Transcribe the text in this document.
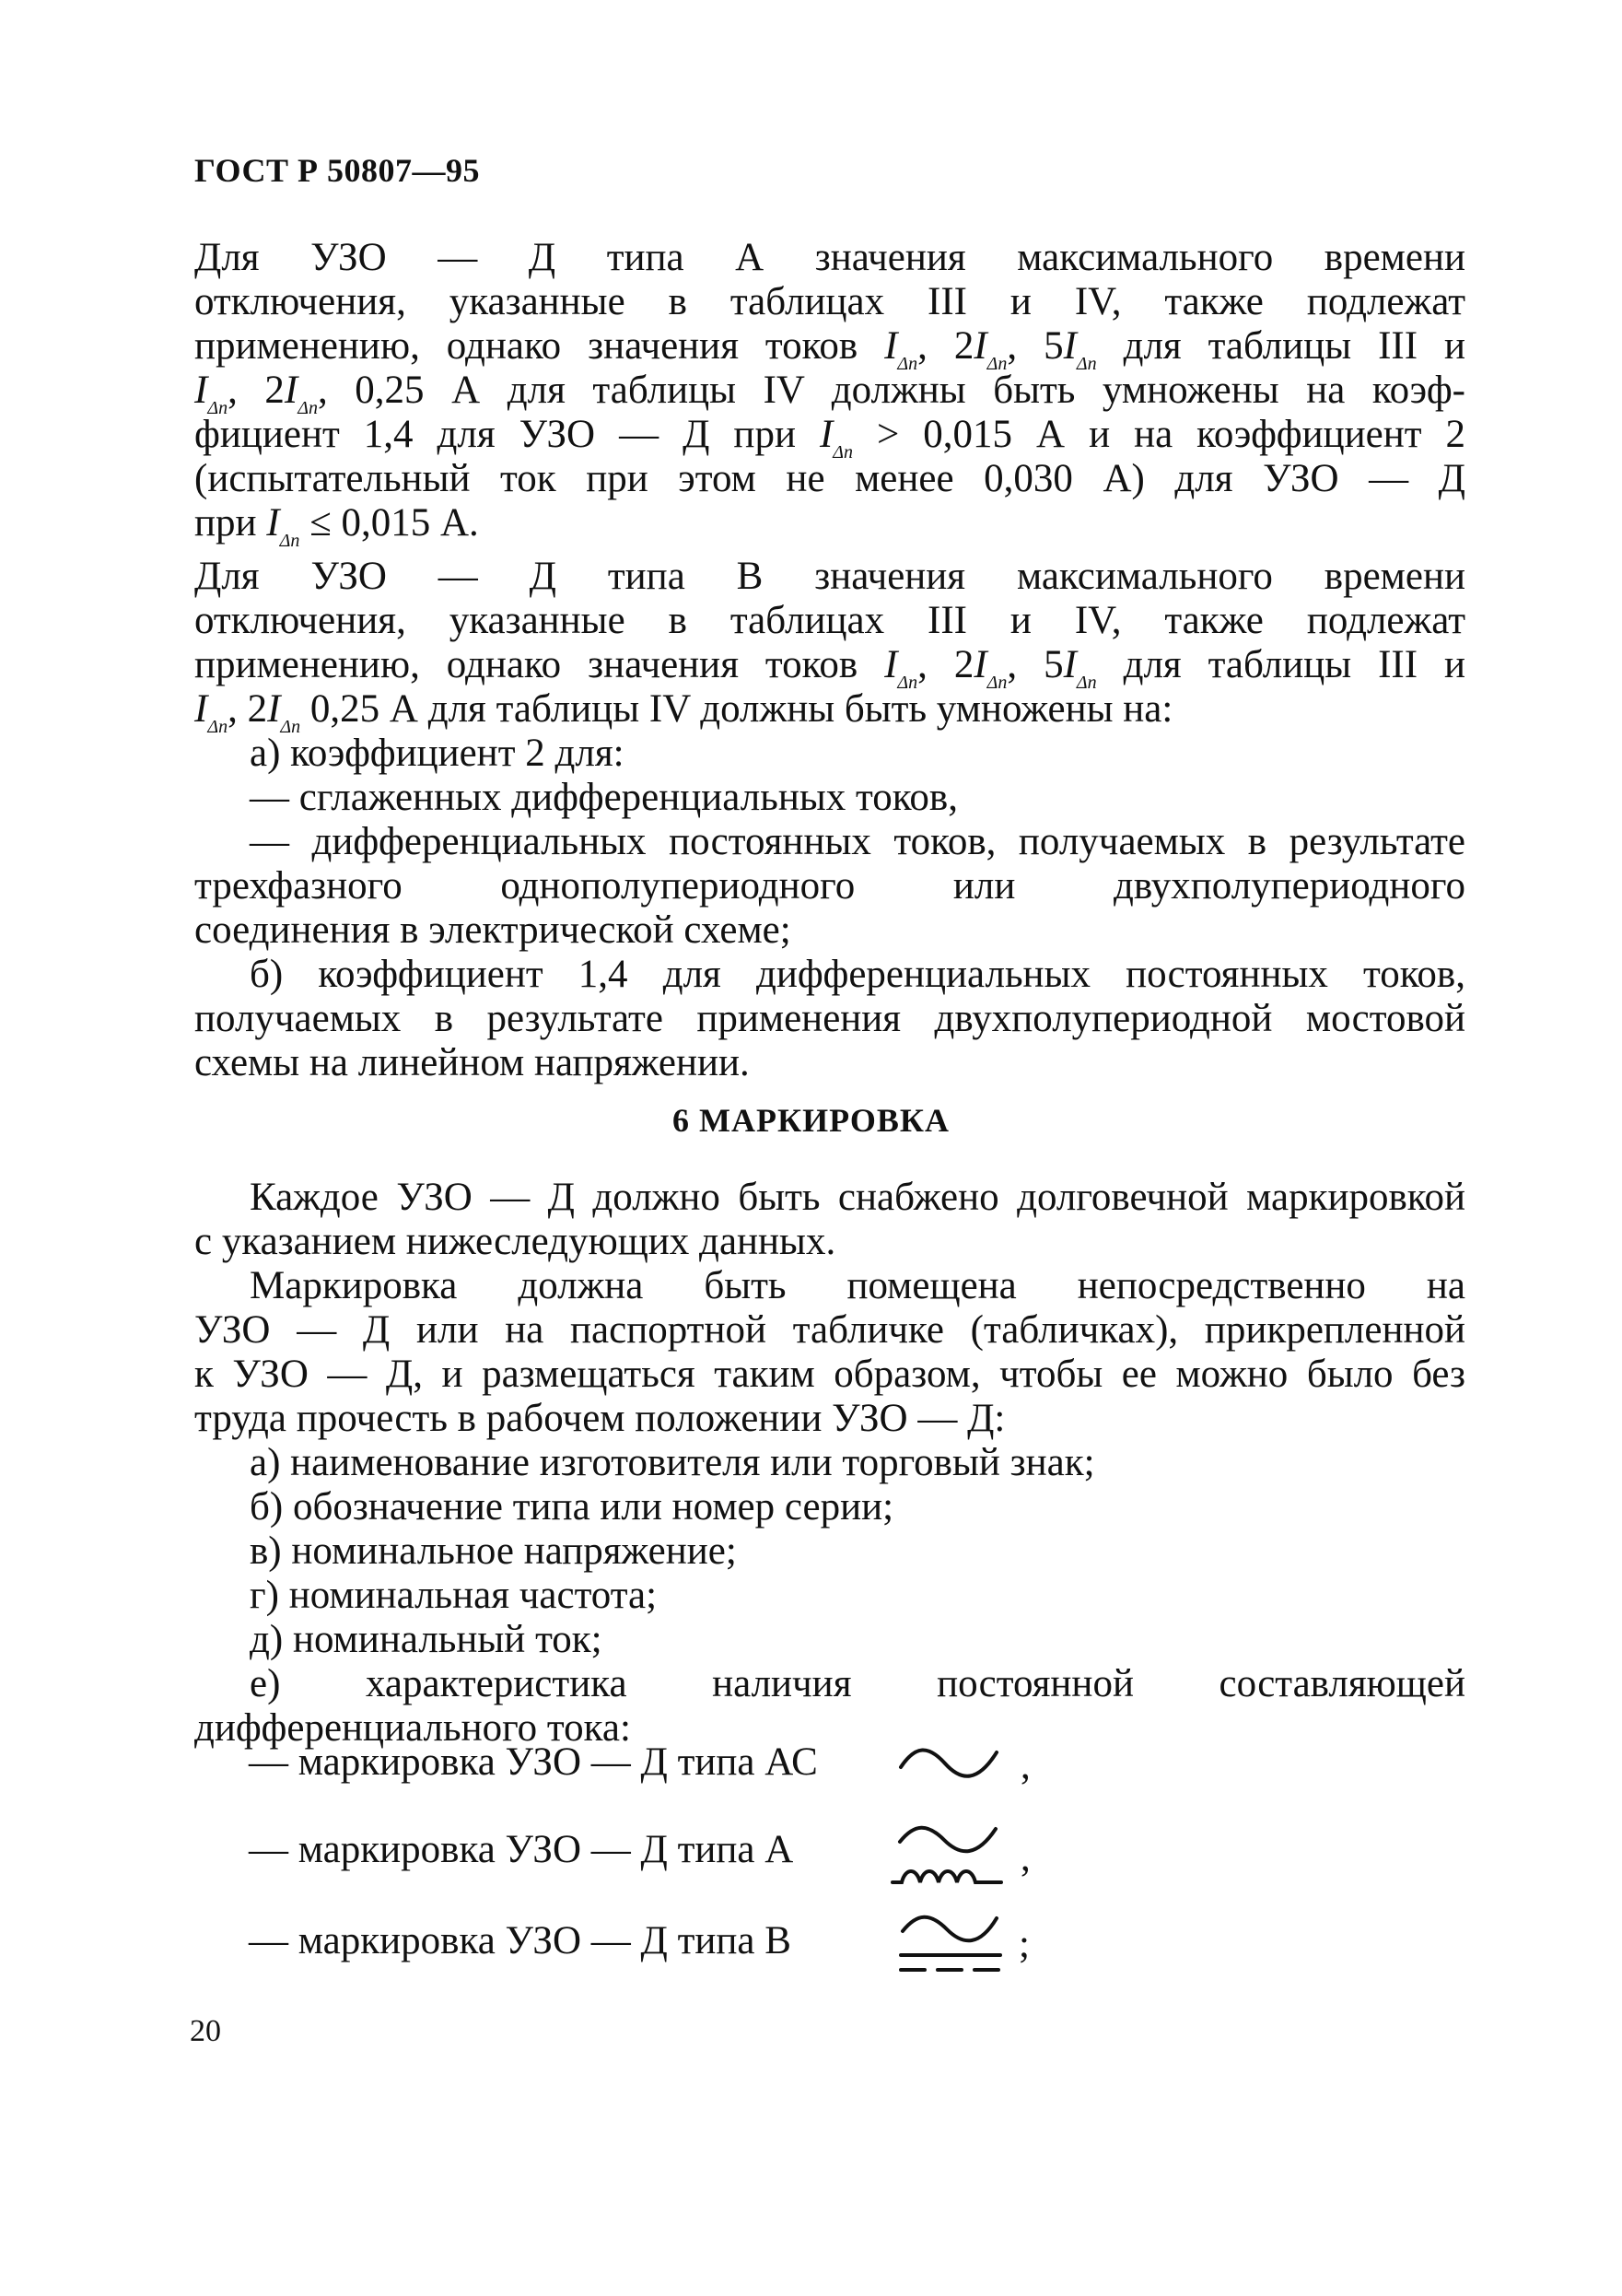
ГОСТ Р 50807—95
Для УЗО — Д типа А значения максимального времени
отключения, указанные в таблицах III и IV, также подлежат
применению, однако значения токов $I_{\Delta n}$, $2I_{\Delta n}$, $5I_{\Delta n}$ для таблицы III и
$I_{\Delta n}$, $2I_{\Delta n}$, 0,25 А для таблицы IV должны быть умножены на коэф-
фициент 1,4 для УЗО — Д при $I_{\Delta n} > 0,015$ А и на коэффициент 2
(испытательный ток при этом не менее 0,030 А) для УЗО — Д
при $I_{\Delta n} \le 0,015$ А.
Для УЗО — Д типа В значения максимального времени
отключения, указанные в таблицах III и IV, также подлежат
применению, однако значения токов $I_{\Delta n}$, $2I_{\Delta n}$, $5I_{\Delta n}$ для таблицы III и
$I_{\Delta n}$, $2I_{\Delta n}$ 0,25 А для таблицы IV должны быть умножены на:
а) коэффициент 2 для:
— сглаженных дифференциальных токов,
— дифференциальных постоянных токов, получаемых в результате
трехфазного однополупериодного или двухполупериодного
соединения в электрической схеме;
б) коэффициент 1,4 для дифференциальных постоянных токов,
получаемых в результате применения двухполупериодной мостовой
схемы на линейном напряжении.
6 МАРКИРОВКА
Каждое УЗО — Д должно быть снабжено долговечной маркировкой
с указанием нижеследующих данных.
Маркировка должна быть помещена непосредственно на
УЗО — Д или на паспортной табличке (табличках), прикрепленной
к УЗО — Д, и размещаться таким образом, чтобы ее можно было без
труда прочесть в рабочем положении УЗО — Д:
а) наименование изготовителя или торговый знак;
б) обозначение типа или номер серии;
в) номинальное напряжение;
г) номинальная частота;
д) номинальный ток;
е) характеристика наличия постоянной составляющей
дифференциального тока:
— маркировка УЗО — Д типа АС	,
— маркировка УЗО — Д типа А	,
— маркировка УЗО — Д типа В	;
20
